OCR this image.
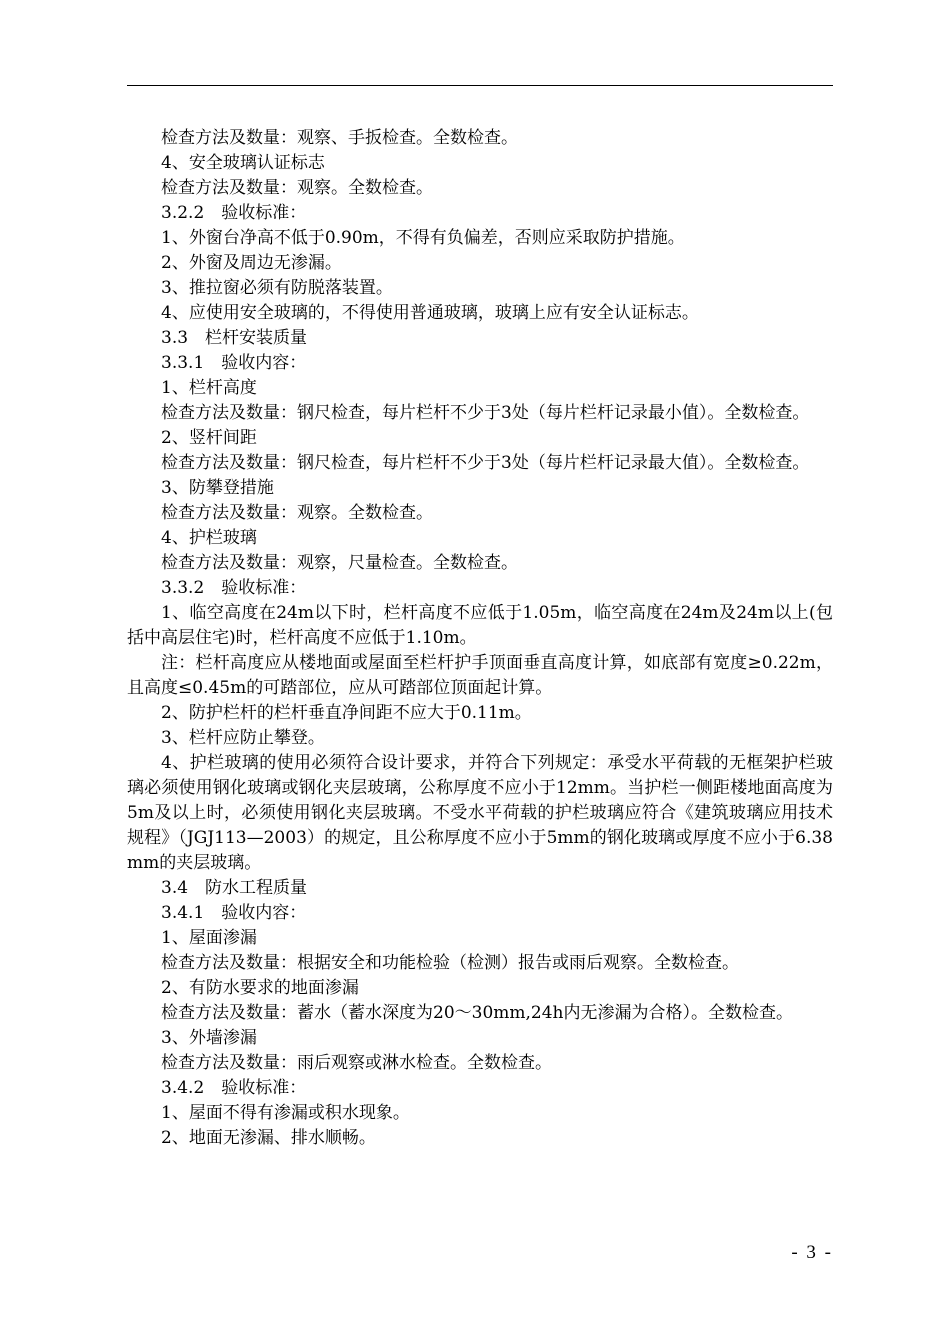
检查方法及数量：观察、手扳检查。全数检查。

4、安全玻璃认证标志

检查方法及数量：观察。全数检查。

3.2.2　验收标准：

1、外窗台净高不低于0.90m，不得有负偏差，否则应采取防护措施。

2、外窗及周边无渗漏。

3、推拉窗必须有防脱落装置。

4、应使用安全玻璃的，不得使用普通玻璃，玻璃上应有安全认证标志。

3.3　栏杆安装质量

3.3.1　验收内容：

1、栏杆高度

检查方法及数量：钢尺检查，每片栏杆不少于3处（每片栏杆记录最小值）。全数检查。

2、竖杆间距

检查方法及数量：钢尺检查，每片栏杆不少于3处（每片栏杆记录最大值）。全数检查。

3、防攀登措施

检查方法及数量：观察。全数检查。

4、护栏玻璃

检查方法及数量：观察，尺量检查。全数检查。

3.3.2　验收标准：

1、临空高度在24m以下时，栏杆高度不应低于1.05m，临空高度在24m及24m以上(包括中高层住宅)时，栏杆高度不应低于1.10m。

注：栏杆高度应从楼地面或屋面至栏杆护手顶面垂直高度计算，如底部有宽度≥0.22m，且高度≤0.45m的可踏部位，应从可踏部位顶面起计算。

2、防护栏杆的栏杆垂直净间距不应大于0.11m。

3、栏杆应防止攀登。

4、护栏玻璃的使用必须符合设计要求，并符合下列规定：承受水平荷载的无框架护栏玻璃必须使用钢化玻璃或钢化夹层玻璃，公称厚度不应小于12mm。当护栏一侧距楼地面高度为5m及以上时，必须使用钢化夹层玻璃。不受水平荷载的护栏玻璃应符合《建筑玻璃应用技术规程》（JGJ113—2003）的规定，且公称厚度不应小于5mm的钢化玻璃或厚度不应小于6.38mm的夹层玻璃。

3.4　防水工程质量

3.4.1　验收内容：

1、屋面渗漏

检查方法及数量：根据安全和功能检验（检测）报告或雨后观察。全数检查。

2、有防水要求的地面渗漏

检查方法及数量：蓄水（蓄水深度为20～30mm,24h内无渗漏为合格）。全数检查。

3、外墙渗漏

检查方法及数量：雨后观察或淋水检查。全数检查。

3.4.2　验收标准：

1、屋面不得有渗漏或积水现象。

2、地面无渗漏、排水顺畅。

- 3 -
